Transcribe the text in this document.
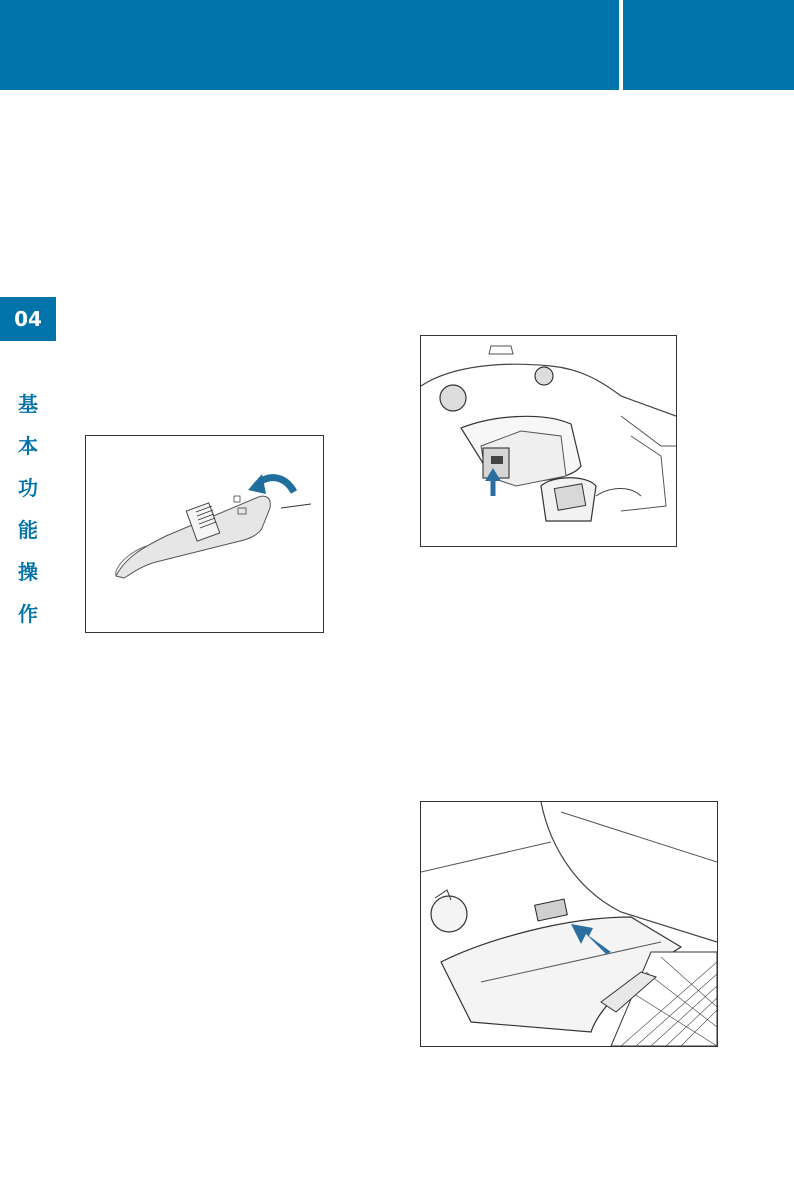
04
基
本
功
能
操
作
